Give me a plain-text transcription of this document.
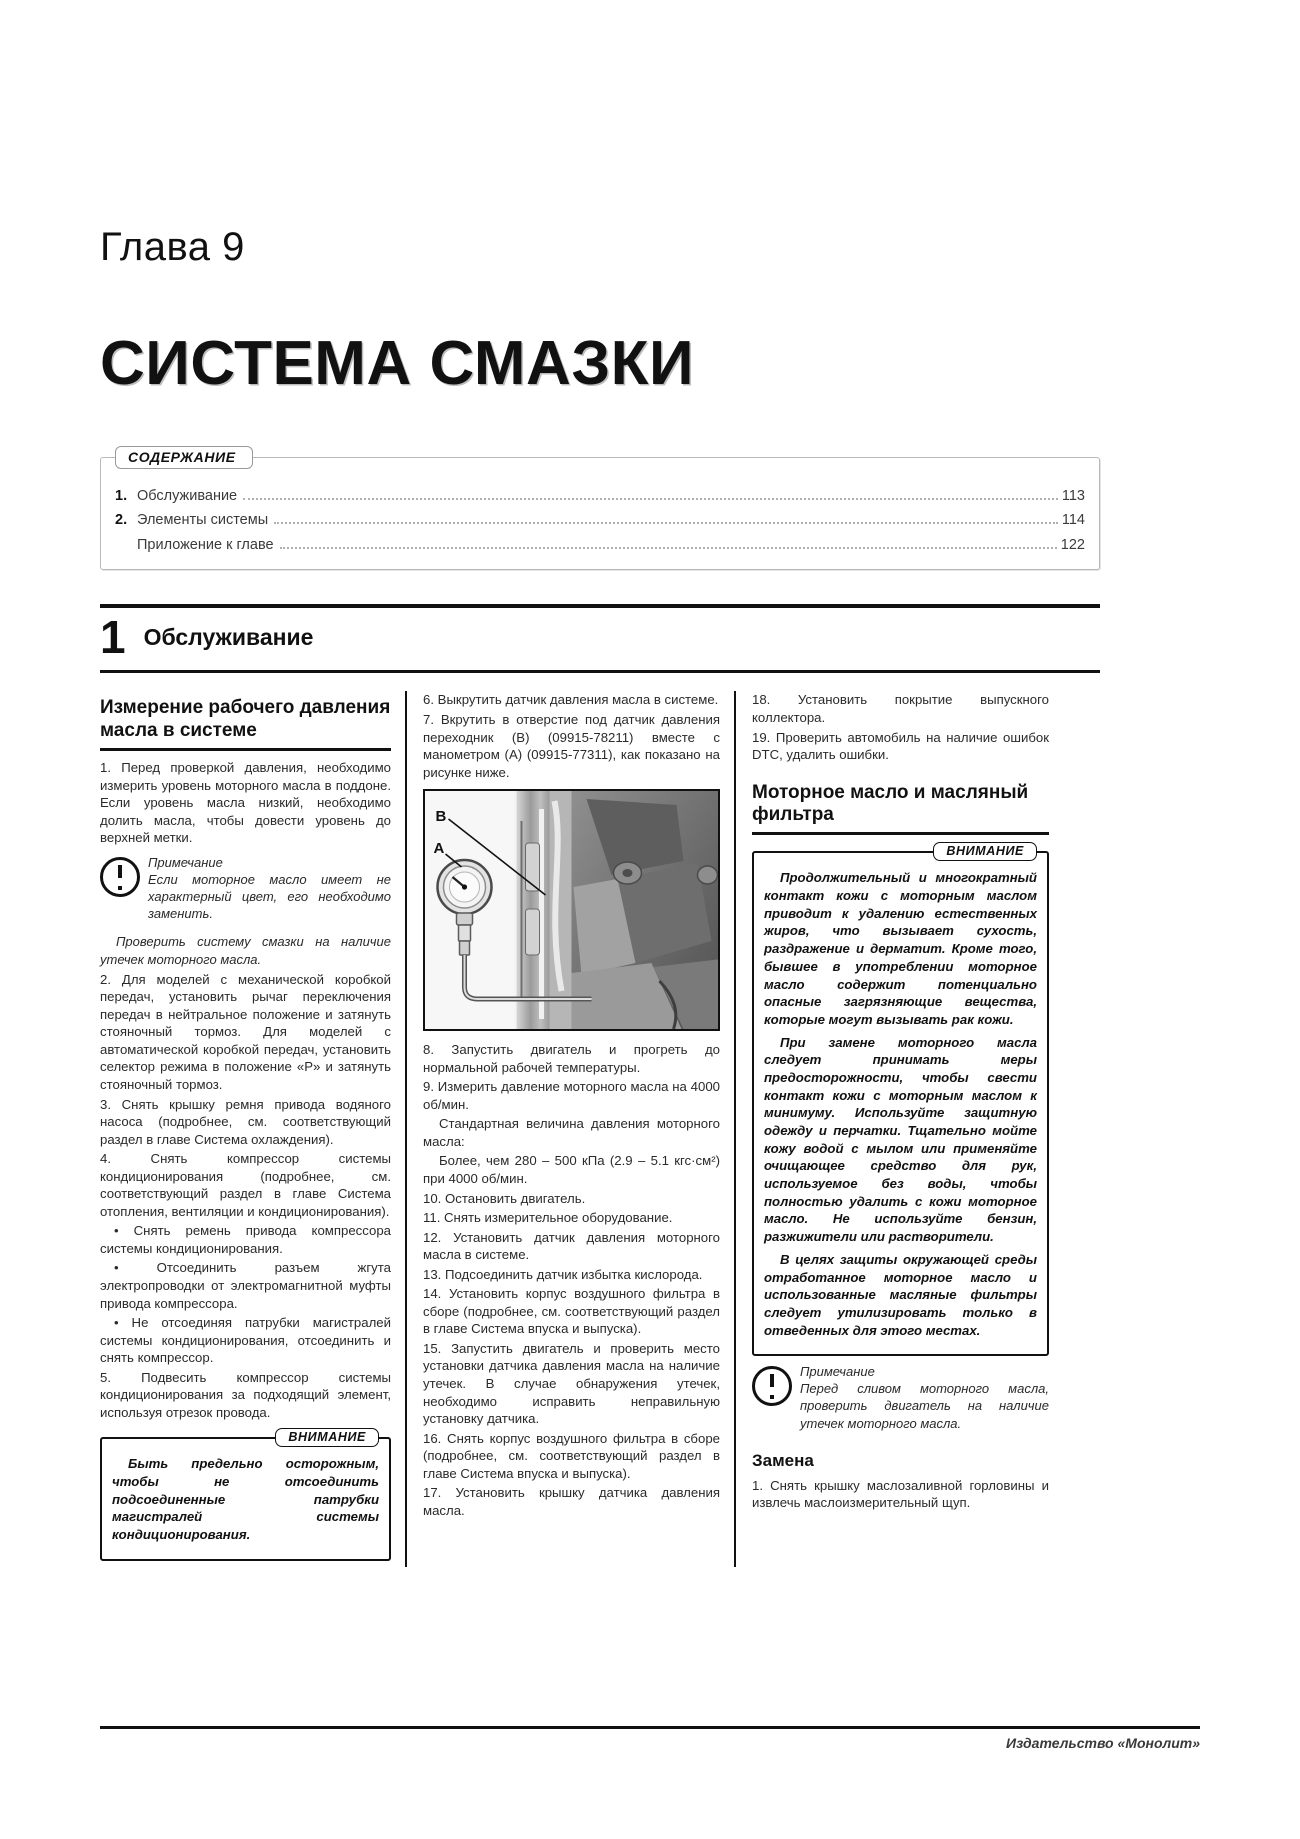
Глава 9
СИСТЕМА СМАЗКИ
СОДЕРЖАНИЕ
1. Обслуживание	113
2. Элементы системы	114
Приложение к главе	122
1 Обслуживание
Измерение рабочего давления масла в системе

1. Перед проверкой давления, необходимо измерить уровень моторного масла в поддоне. Если уровень масла низкий, необходимо долить масла, чтобы довести уровень до верхней метки.

Примечание
Если моторное масло имеет не характерный цвет, его необходимо заменить.

Проверить систему смазки на наличие утечек моторного масла.

2. Для моделей с механической коробкой передач, установить рычаг переключения передач в нейтральное положение и затянуть стояночный тормоз. Для моделей с автоматической коробкой передач, установить селектор режима в положение «P» и затянуть стояночный тормоз.

3. Снять крышку ремня привода водяного насоса (подробнее, см. соответствующий раздел в главе Система охлаждения).

4. Снять компрессор системы кондиционирования (подробнее, см. соответствующий раздел в главе Система отопления, вентиляции и кондиционирования).

• Снять ремень привода компрессора системы кондиционирования.

• Отсоединить разъем жгута электропроводки от электромагнитной муфты привода компрессора.

• Не отсоединяя патрубки магистралей системы кондиционирования, отсоединить и снять компрессор.

5. Подвесить компрессор системы кондиционирования за подходящий элемент, используя отрезок провода.

ВНИМАНИЕ

Быть предельно осторожным, чтобы не отсоединить подсоединенные патрубки магистралей системы кондиционирования.

6. Выкрутить датчик давления масла в системе.

7. Вкрутить в отверстие под датчик давления переходник (B) (09915-78211) вместе с манометром (A) (09915-77311), как показано на рисунке ниже.

B
A

8. Запустить двигатель и прогреть до нормальной рабочей температуры.

9. Измерить давление моторного масла на 4000 об/мин.

Стандартная величина давления моторного масла:

Более, чем 280 – 500 кПа (2.9 – 5.1 кгс·см²) при 4000 об/мин.

10. Остановить двигатель.

11. Снять измерительное оборудование.

12. Установить датчик давления моторного масла в системе.

13. Подсоединить датчик избытка кислорода.

14. Установить корпус воздушного фильтра в сборе (подробнее, см. соответствующий раздел в главе Система впуска и выпуска).

15. Запустить двигатель и проверить место установки датчика давления масла на наличие утечек. В случае обнаружения утечек, необходимо исправить неправильную установку датчика.

16. Снять корпус воздушного фильтра в сборе (подробнее, см. соответствующий раздел в главе Система впуска и выпуска).

17. Установить крышку датчика давления масла.

18. Установить покрытие выпускного коллектора.

19. Проверить автомобиль на наличие ошибок DTC, удалить ошибки.

Моторное масло и масляный фильтра
ВНИМАНИЕ

Продолжительный и многократный контакт кожи с моторным маслом приводит к удалению естественных жиров, что вызывает сухость, раздражение и дерматит. Кроме того, бывшее в употреблении моторное масло содержит потенциально опасные загрязняющие вещества, которые могут вызывать рак кожи.

При замене моторного масла следует принимать меры предосторожности, чтобы свести контакт кожи с моторным маслом к минимуму. Используйте защитную одежду и перчатки. Тщательно мойте кожу водой с мылом или применяйте очищающее средство для рук, используемое без воды, чтобы полностью удалить с кожи моторное масло. Не используйте бензин, разжижители или растворители.

В целях защиты окружающей среды отработанное моторное масло и использованные масляные фильтры следует утилизировать только в отведенных для этого местах.

Примечание
Перед сливом моторного масла, проверить двигатель на наличие утечек моторного масла.
Замена

1. Снять крышку маслозаливной горловины и извлечь маслоизмерительный щуп.

Издательство «Монолит»
